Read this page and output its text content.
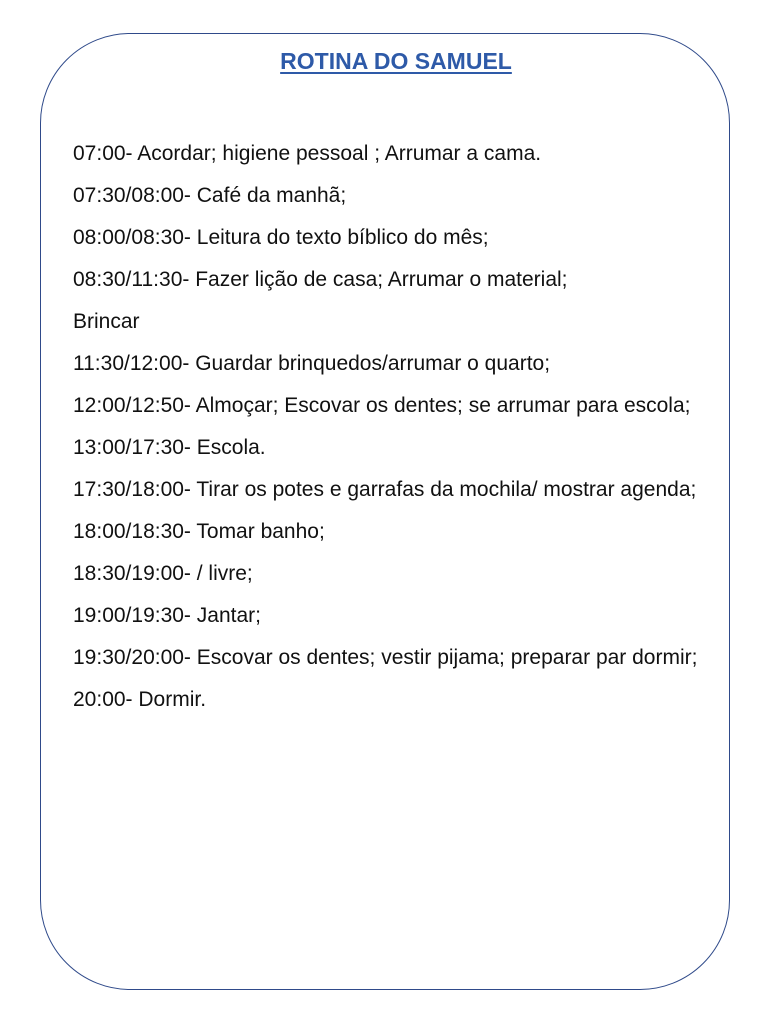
ROTINA DO SAMUEL
07:00- Acordar; higiene pessoal ; Arrumar a cama.
07:30/08:00- Café da manhã;
08:00/08:30- Leitura do texto bíblico do mês;
08:30/11:30- Fazer lição de casa; Arrumar o material;
Brincar
11:30/12:00- Guardar brinquedos/arrumar o quarto;
12:00/12:50- Almoçar; Escovar os dentes; se arrumar para escola;
13:00/17:30- Escola.
17:30/18:00- Tirar os potes e garrafas da mochila/ mostrar agenda;
18:00/18:30- Tomar banho;
18:30/19:00- / livre;
19:00/19:30- Jantar;
19:30/20:00- Escovar os dentes; vestir pijama; preparar par dormir;
20:00- Dormir.
